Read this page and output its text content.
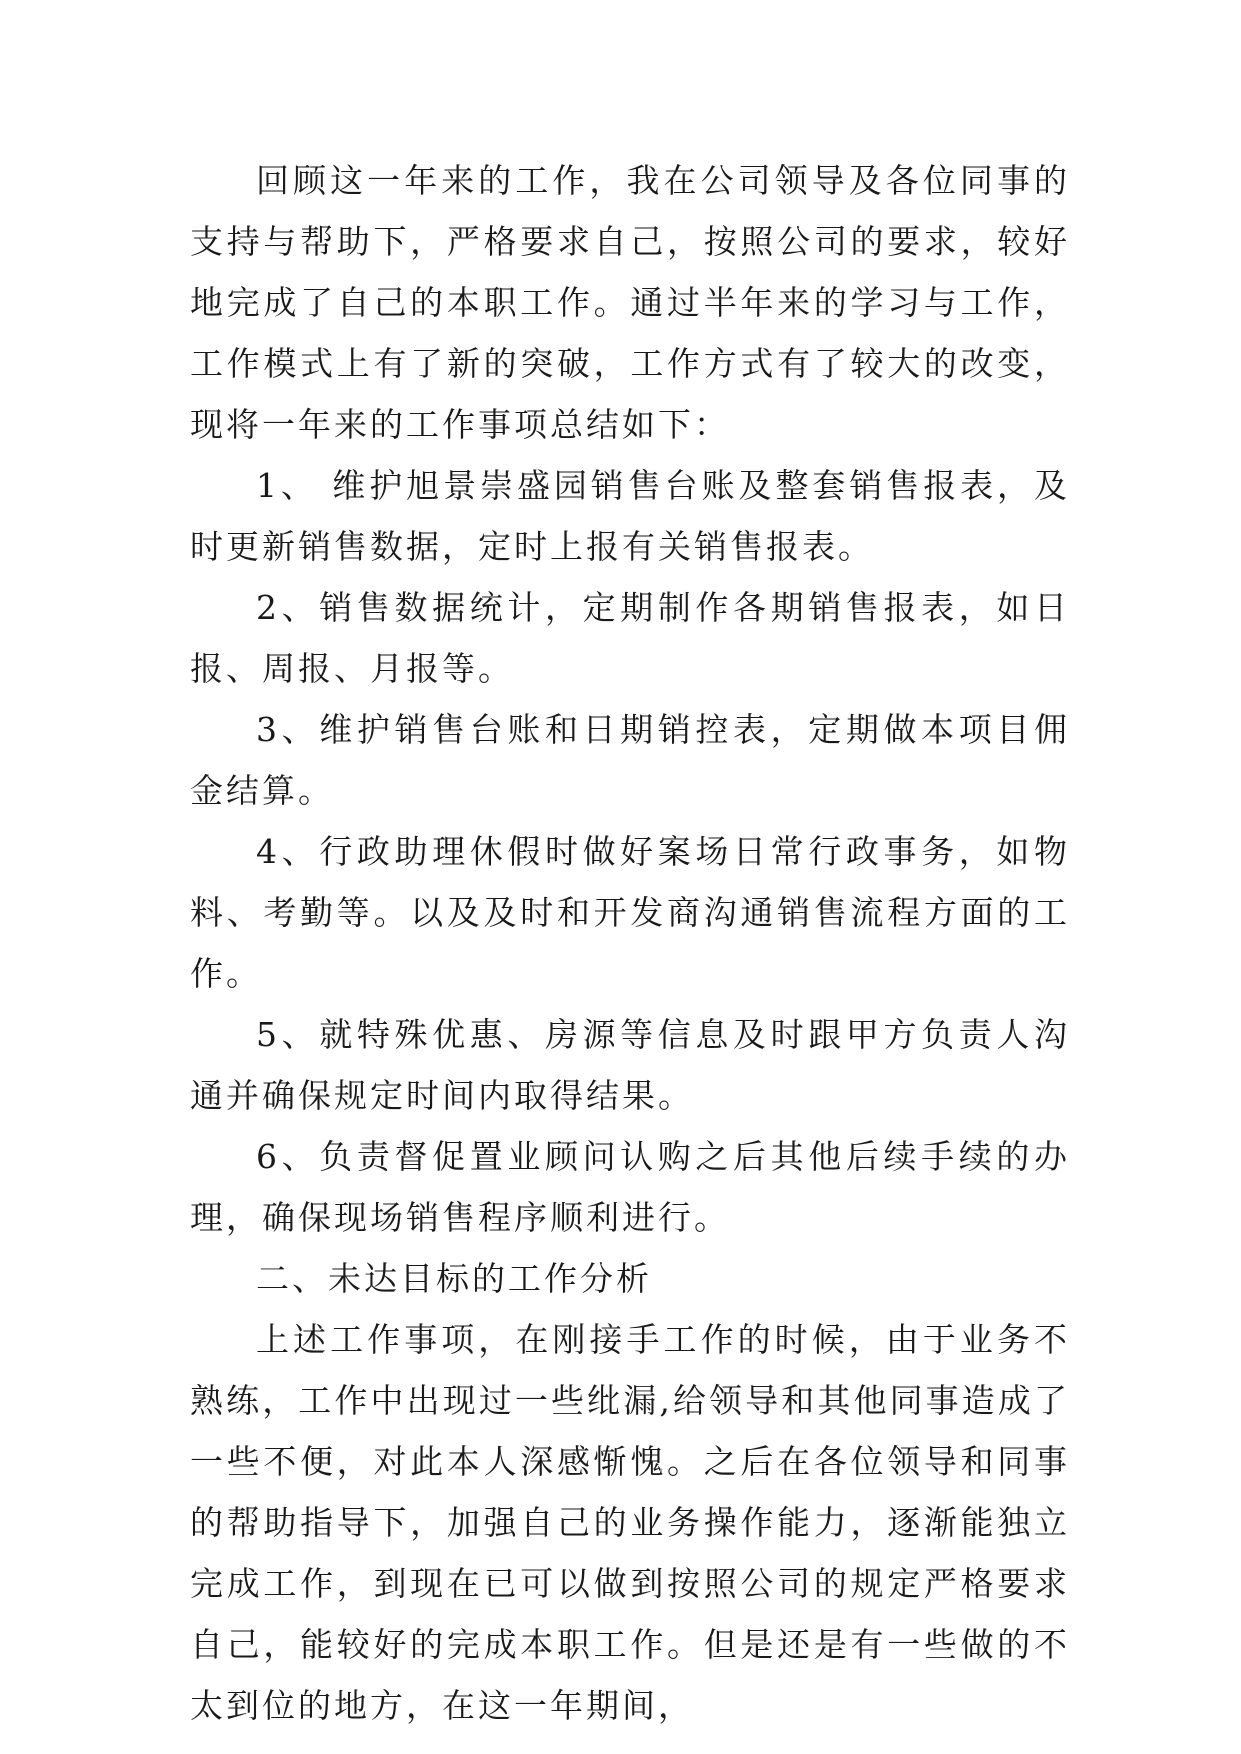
回顾这一年来的工作，我在公司领导及各位同事的支持与帮助下，严格要求自己，按照公司的要求，较好地完成了自己的本职工作。通过半年来的学习与工作，工作模式上有了新的突破，工作方式有了较大的改变，现将一年来的工作事项总结如下：

1、 维护旭景崇盛园销售台账及整套销售报表，及时更新销售数据，定时上报有关销售报表。

2、销售数据统计，定期制作各期销售报表，如日报、周报、月报等。

3、维护销售台账和日期销控表，定期做本项目佣金结算。

4、行政助理休假时做好案场日常行政事务，如物料、考勤等。以及及时和开发商沟通销售流程方面的工作。

5、就特殊优惠、房源等信息及时跟甲方负责人沟通并确保规定时间内取得结果。

6、负责督促置业顾问认购之后其他后续手续的办理，确保现场销售程序顺利进行。

二、未达目标的工作分析

上述工作事项，在刚接手工作的时候，由于业务不熟练，工作中出现过一些纰漏,给领导和其他同事造成了一些不便，对此本人深感惭愧。之后在各位领导和同事的帮助指导下，加强自己的业务操作能力，逐渐能独立完成工作，到现在已可以做到按照公司的规定严格要求自己，能较好的完成本职工作。但是还是有一些做的不太到位的地方，在这一年期间，
